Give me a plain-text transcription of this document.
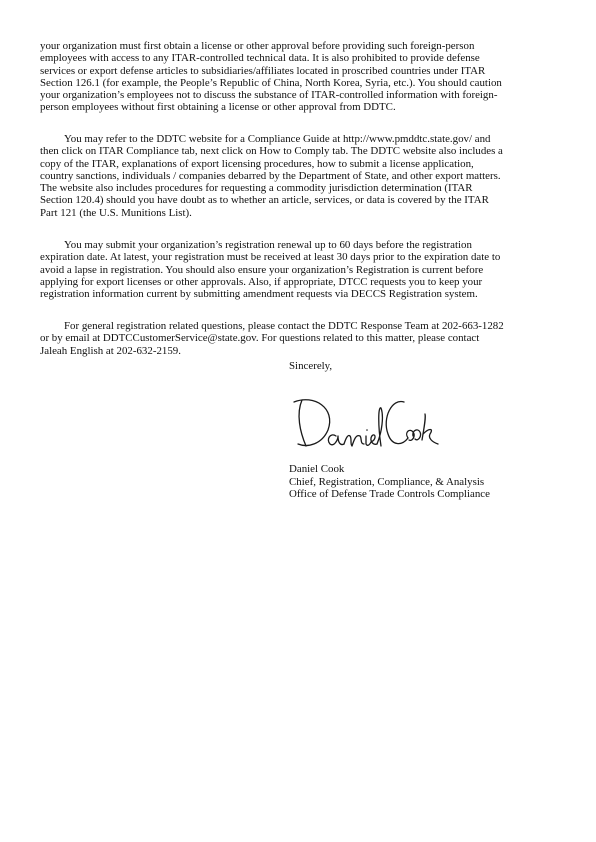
your organization must first obtain a license or other approval before providing such foreign-person
employees with access to any ITAR-controlled technical data. It is also prohibited to provide defense
services or export defense articles to subsidiaries/affiliates located in proscribed countries under ITAR
Section 126.1 (for example, the People’s Republic of China, North Korea, Syria, etc.). You should caution
your organization’s employees not to discuss the substance of ITAR-controlled information with foreign-
person employees without first obtaining a license or other approval from DDTC.

You may refer to the DDTC website for a Compliance Guide at http://www.pmddtc.state.gov/ and
then click on ITAR Compliance tab, next click on How to Comply tab. The DDTC website also includes a
copy of the ITAR, explanations of export licensing procedures, how to submit a license application,
country sanctions, individuals / companies debarred by the Department of State, and other export matters.
The website also includes procedures for requesting a commodity jurisdiction determination (ITAR
Section 120.4) should you have doubt as to whether an article, services, or data is covered by the ITAR
Part 121 (the U.S. Munitions List).

You may submit your organization’s registration renewal up to 60 days before the registration
expiration date. At latest, your registration must be received at least 30 days prior to the expiration date to
avoid a lapse in registration. You should also ensure your organization’s Registration is current before
applying for export licenses or other approvals. Also, if appropriate, DTCC requests you to keep your
registration information current by submitting amendment requests via DECCS Registration system.

For general registration related questions, please contact the DDTC Response Team at 202-663-1282
or by email at DDTCCustomerService@state.gov. For questions related to this matter, please contact
Jaleah English at 202-632-2159.

Sincerely,
Daniel Cook
Chief, Registration, Compliance, & Analysis
Office of Defense Trade Controls Compliance
